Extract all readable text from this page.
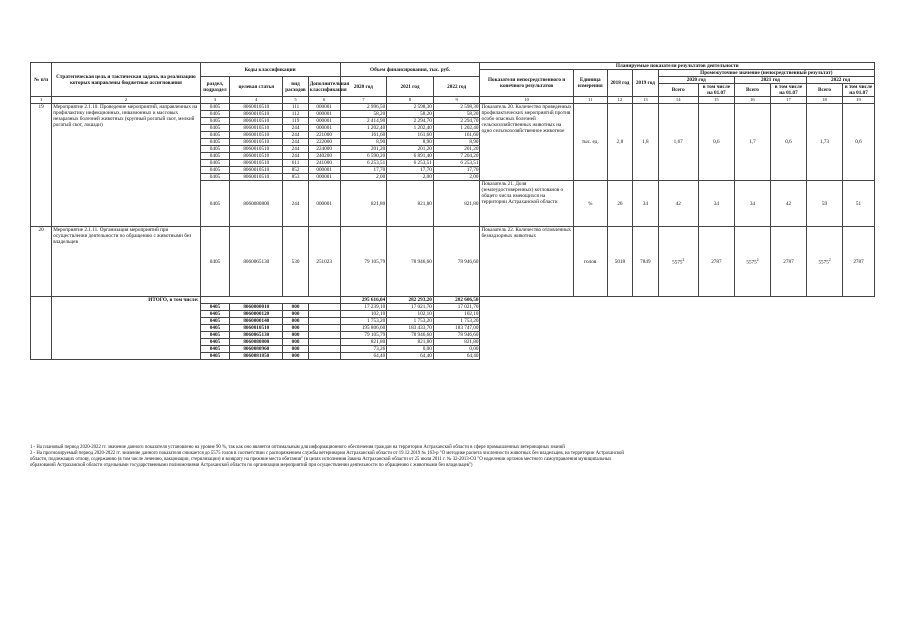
№ п/п	Стратегическая цель и тактическая задача, на реализацию которых направлены бюджетные ассигнования	Коды классификации				Объем финансирования, тыс. руб.			Планируемые показатели результатов деятельности									
									Показатели непосредственного и конечного результатов	Единица измерения	2018 год	2019 год	Промежуточное значение (непосредственный результат)					
		раздел, подраздел	целевая статья	вид расходов	Дополнительная классификация	2020 год	2021 год	2022 год					2020 год		2021 год		2022 год	
													Всего	в том числе на 01.07	Всего	в том числе на 01.07	Всего	в том числе на 01.07
1	2	3	4	5	6	7	8	9	10	11	12	13	14	15	16	17	18	19
19	Мероприятие 2.1.10. Проведение мероприятий, направленных на профилактику инфекционных, инвазионных и массовых незаразных болезней животных (крупный рогатый скот, мелкий рогатый скот, лошади)	0405	8060010510	111	000001	2 996,50	2 598,30	2 598,30	Показатель 20. Количество проведенных профилактических мероприятий против особо опасных болезней сельскохозяйственных животных на одно сельскохозяйственное животное	тыс. ед.	2,8	1,8	1,67	0,6	1,7	0,6	1,73	0,6
		0405	8060010510	112	000001	58,20	58,20	58,20										
		0405	8060010510	119	000001	2 414,90	2 294,70	2 294,70										
		0405	8060010510	244	000001	1 202,40	1 202,40	1 202,40										
		0405	8060010510	244	221000	161,60	161,60	161,60										
		0405	8060010510	244	222000	8,90	8,90	8,90										
		0405	8060010510	244	224000	201,20	201,20	201,20										
		0405	8060010510	244	240200	6 590,20	6 891,40	7 204,20										
		0405	8060010510	611	241000	6 253,51	6 253,51	6 253,51										
		0405	8060010510	852	000001	17,70	17,70	17,70										
		0405	8060010510	853	000001	2,00	2,00	2,00										
		0405	8060080800	244	000001	821,80	821,80	821,80	Показатель 21. Доля (землеудостоверенных) котлованов о общего числа имеющихся на территории Астраханской области	%	26	34	42	34	34	42	59	51
20	Мероприятие 2.1.11. Организация мероприятий при осуществлении деятельности по обращению с животными без владельцев	0405	8060065130	530	251023	79 105,79	78 946,60	78 946,60	Показатель 22. Количество отловленных безнадзорных животных	голов	5018	7849	5575$^2$	2787	5575$^2$	2787	5575$^2$	2787
	ИТОГО, в том числе:					295 616,04	282 293,20	282 606,50										
		0405	8060000010	000		17 239,10	17 021,70	17 021,70										
		0405	8060000120	000		102,10	102,10	102,10										
		0405	8060000140	000		1 753,20	1 753,20	1 753,20										
		0405	8060010510	000		195 806,60	183 433,70	183 747,00										
		0405	8060065130	000		79 105,79	78 946,60	78 946,60										
		0405	8060080800	000		821,80	821,80	821,80										
		0405	8060080960	000		73,26	0,00	0,00										
		0405	8060081850	000		64,40	64,40	64,40										
1 - На плановый период 2020-2022 гг. значение данного показателя установлено на уровне 90 %, так как оно является оптимальным для информационного обеспечения граждан на территории Астраханской области в сфере промышленных ветеринарных знаний
2 - На прогнозируемый период 2020-2022 гг. значение данного показателя снижается до 5575 голов в соответствии с распоряжением службы ветеринарии Астраханской области от 19.12.2019 № 163-р "О методике расчета численности животных без владельцев, на территории Астраханской
области, подлежащих отлову, содержанию (в том числе лечению, вакцинации, стерилизации) и возврату на прежние места обитания" (в целях исполнения Закона Астраханской области от 25 июля 2011 г. № 32-2013-ОЗ "О наделении органов местного самоуправления муниципальных
образований Астраханской области отдельными государственными полномочиями Астраханской области по организации мероприятий при осуществлении деятельности по обращению с животными без владельцев")
